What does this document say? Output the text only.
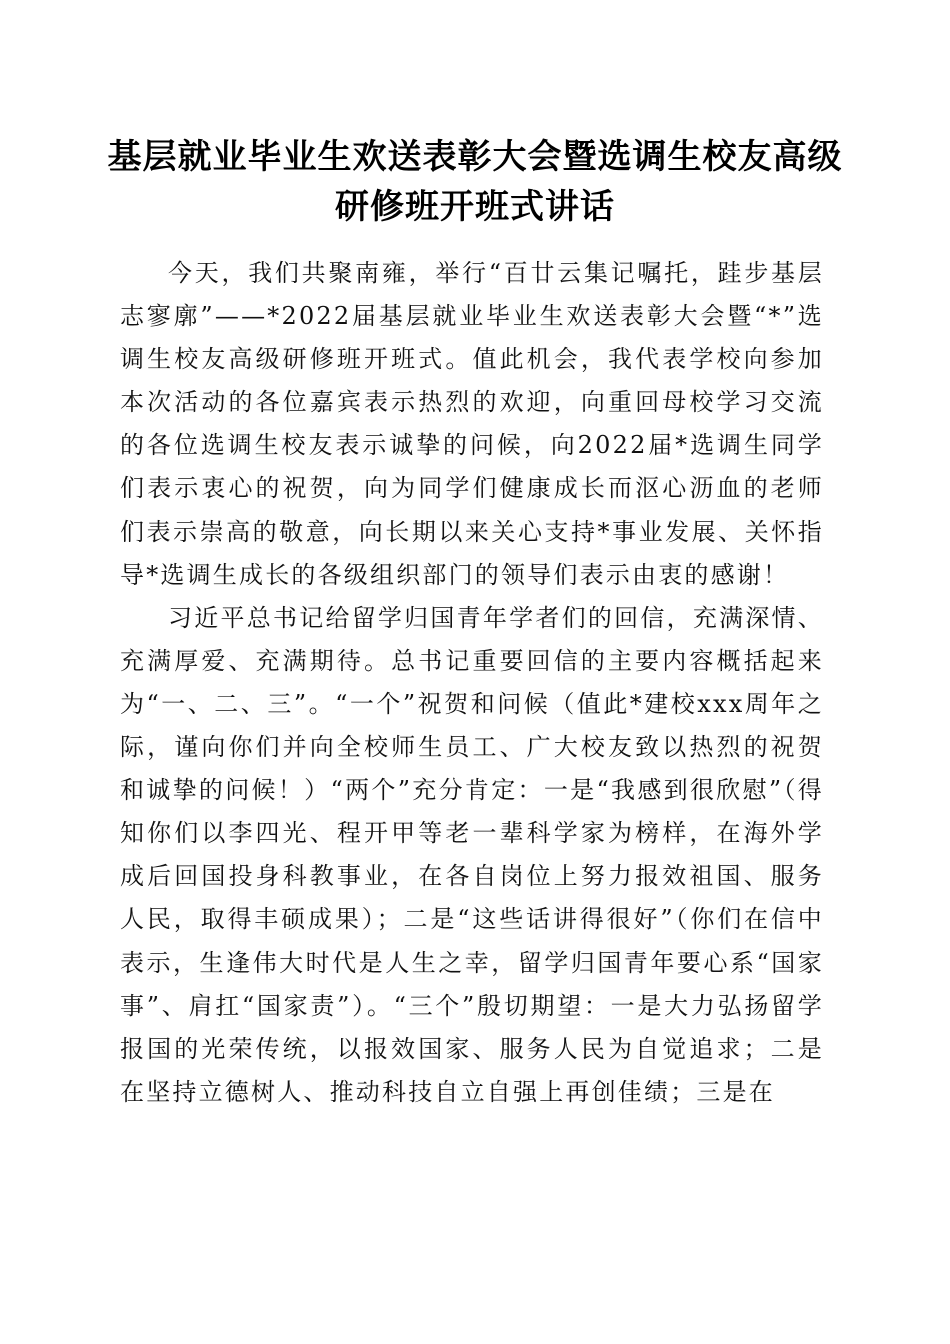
基层就业毕业生欢送表彰大会暨选调生校友高级研修班开班式讲话

今天，我们共聚南雍，举行“百廿云集记嘱托，跬步基层志寥廓”——*2022届基层就业毕业生欢送表彰大会暨“*”选调生校友高级研修班开班式。值此机会，我代表学校向参加本次活动的各位嘉宾表示热烈的欢迎，向重回母校学习交流的各位选调生校友表示诚挚的问候，向2022届*选调生同学们表示衷心的祝贺，向为同学们健康成长而沤心沥血的老师们表示崇高的敬意，向长期以来关心支持*事业发展、关怀指导*选调生成长的各级组织部门的领导们表示由衷的感谢！

习近平总书记给留学归国青年学者们的回信，充满深情、充满厚爱、充满期待。总书记重要回信的主要内容概括起来为“一、二、三”。“一个”祝贺和问候（值此*建校xxx周年之际，谨向你们并向全校师生员工、广大校友致以热烈的祝贺和诚挚的问候！）“两个”充分肯定：一是“我感到很欣慰”（得知你们以李四光、程开甲等老一辈科学家为榜样，在海外学成后回国投身科教事业，在各自岗位上努力报效祖国、服务人民，取得丰硕成果）；二是“这些话讲得很好”（你们在信中表示，生逢伟大时代是人生之幸，留学归国青年要心系“国家事”、肩扛“国家责”）。“三个”殷切期望：一是大力弘扬留学报国的光荣传统，以报效国家、服务人民为自觉追求；二是在坚持立德树人、推动科技自立自强上再创佳绩；三是在
